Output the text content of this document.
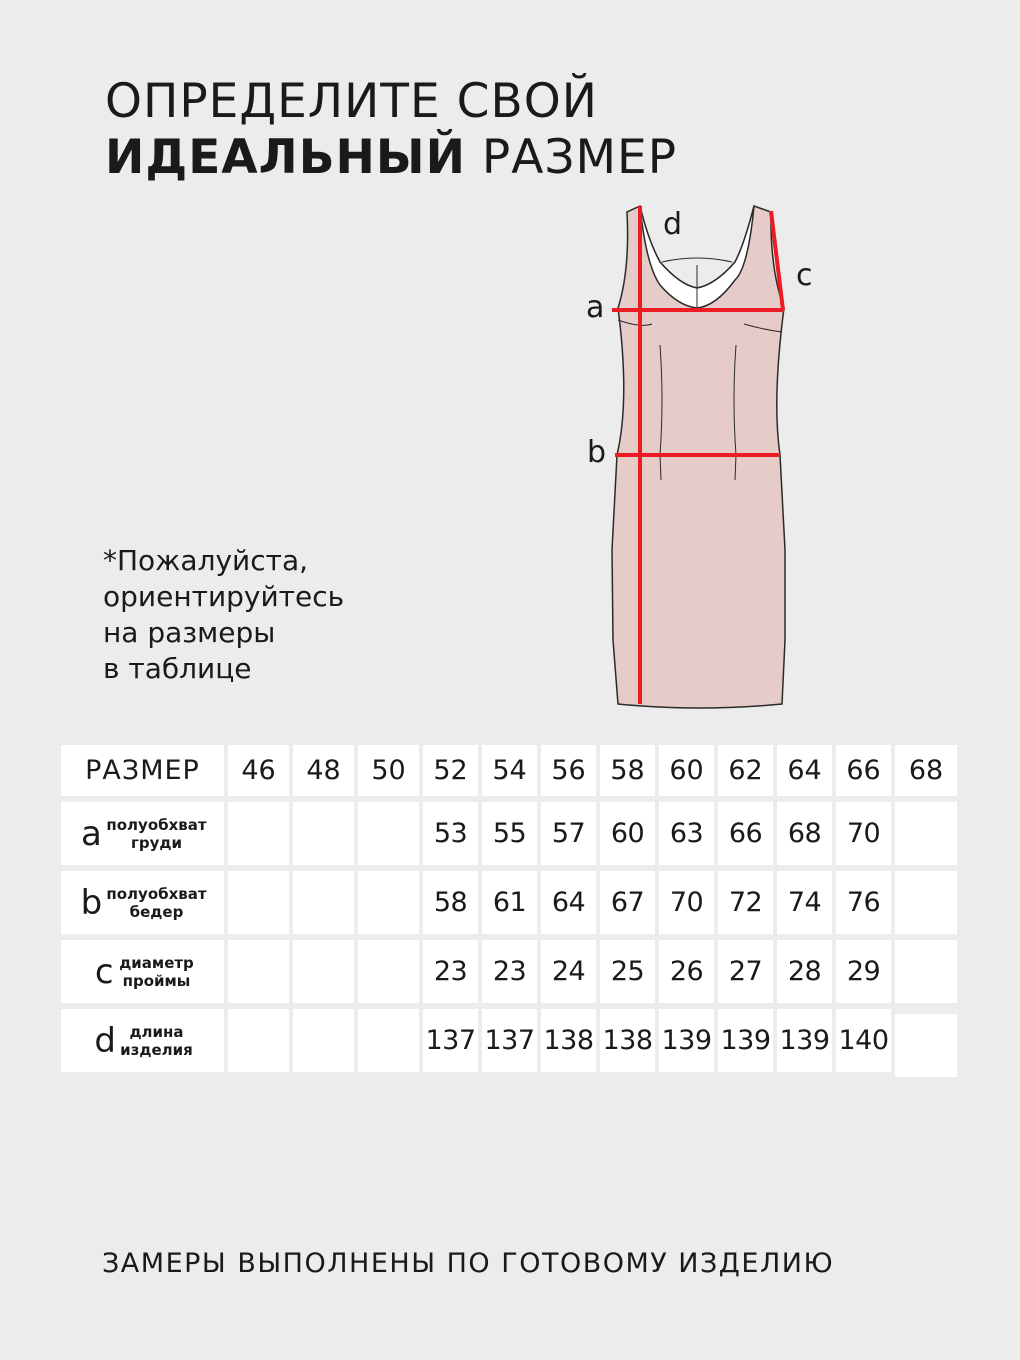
ОПРЕДЕЛИТЕ СВОЙ
ИДЕАЛЬНЫЙ РАЗМЕР
*Пожалуйста,
ориентируйтесь
на размеры
в таблице
a
b
c
d
РАЗМЕР	46	48	50	52	54	56	58	60	62	64	66	68
a полуобхват
груди				53	55	57	60	63	66	68	70	
b полуобхват
бедер				58	61	64	67	70	72	74	76	
c диаметр
проймы				23	23	24	25	26	27	28	29	
d длина
изделия				137	137	138	138	139	139	139	140	
ЗАМЕРЫ ВЫПОЛНЕНЫ ПО ГОТОВОМУ ИЗДЕЛИЮ
